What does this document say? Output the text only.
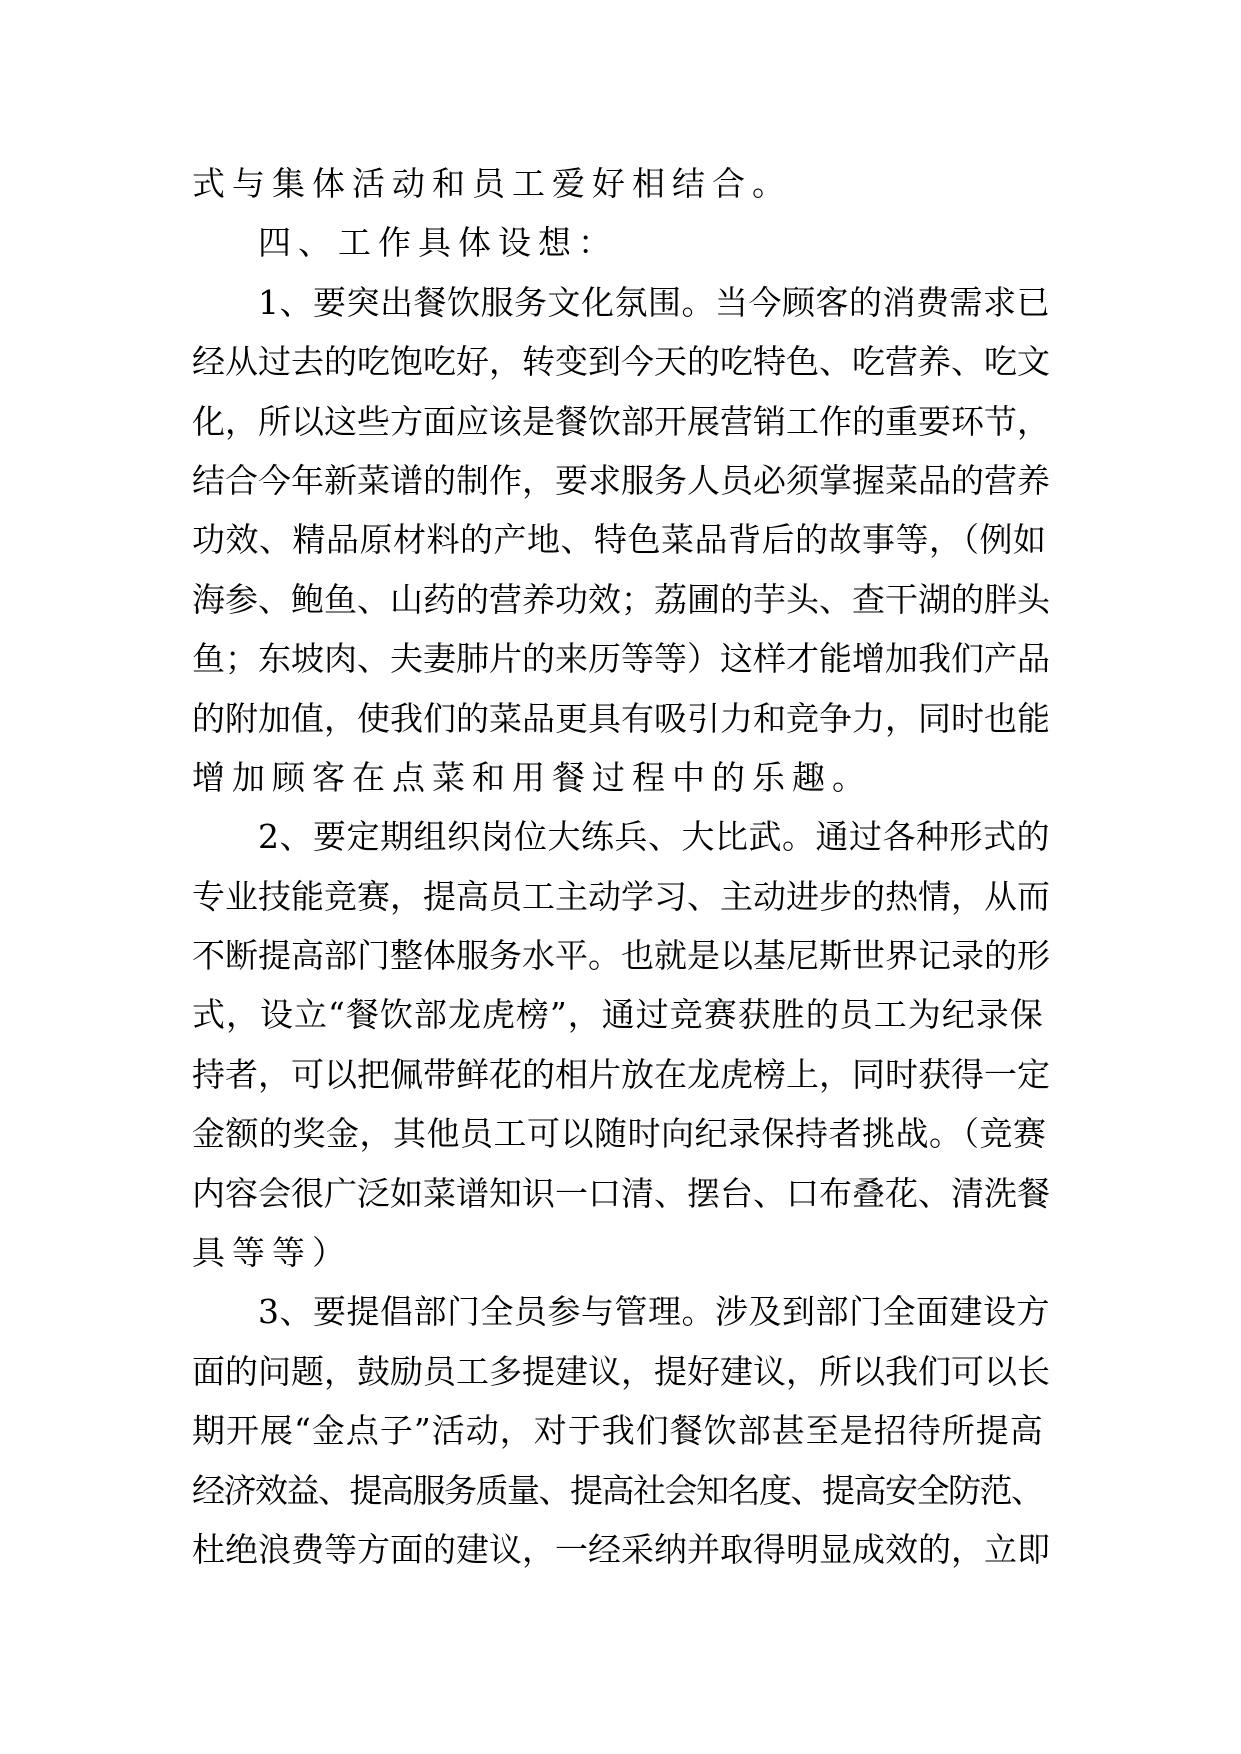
式与集体活动和员工爱好相结合。
四、工作具体设想：
1、要突出餐饮服务文化氛围。当今顾客的消费需求已
经从过去的吃饱吃好，转变到今天的吃特色、吃营养、吃文
化，所以这些方面应该是餐饮部开展营销工作的重要环节，
结合今年新菜谱的制作，要求服务人员必须掌握菜品的营养
功效、精品原材料的产地、特色菜品背后的故事等，（例如
海参、鲍鱼、山药的营养功效；荔圃的芋头、查干湖的胖头
鱼；东坡肉、夫妻肺片的来历等等）这样才能增加我们产品
的附加值，使我们的菜品更具有吸引力和竞争力，同时也能
增加顾客在点菜和用餐过程中的乐趣。
2、要定期组织岗位大练兵、大比武。通过各种形式的
专业技能竞赛，提高员工主动学习、主动进步的热情，从而
不断提高部门整体服务水平。也就是以基尼斯世界记录的形
式，设立“餐饮部龙虎榜”，通过竞赛获胜的员工为纪录保
持者，可以把佩带鲜花的相片放在龙虎榜上，同时获得一定
金额的奖金，其他员工可以随时向纪录保持者挑战。（竞赛
内容会很广泛如菜谱知识一口清、摆台、口布叠花、清洗餐
具等等）
3、要提倡部门全员参与管理。涉及到部门全面建设方
面的问题，鼓励员工多提建议，提好建议，所以我们可以长
期开展“金点子”活动，对于我们餐饮部甚至是招待所提高
经济效益、提高服务质量、提高社会知名度、提高安全防范、
杜绝浪费等方面的建议，一经采纳并取得明显成效的，立即
